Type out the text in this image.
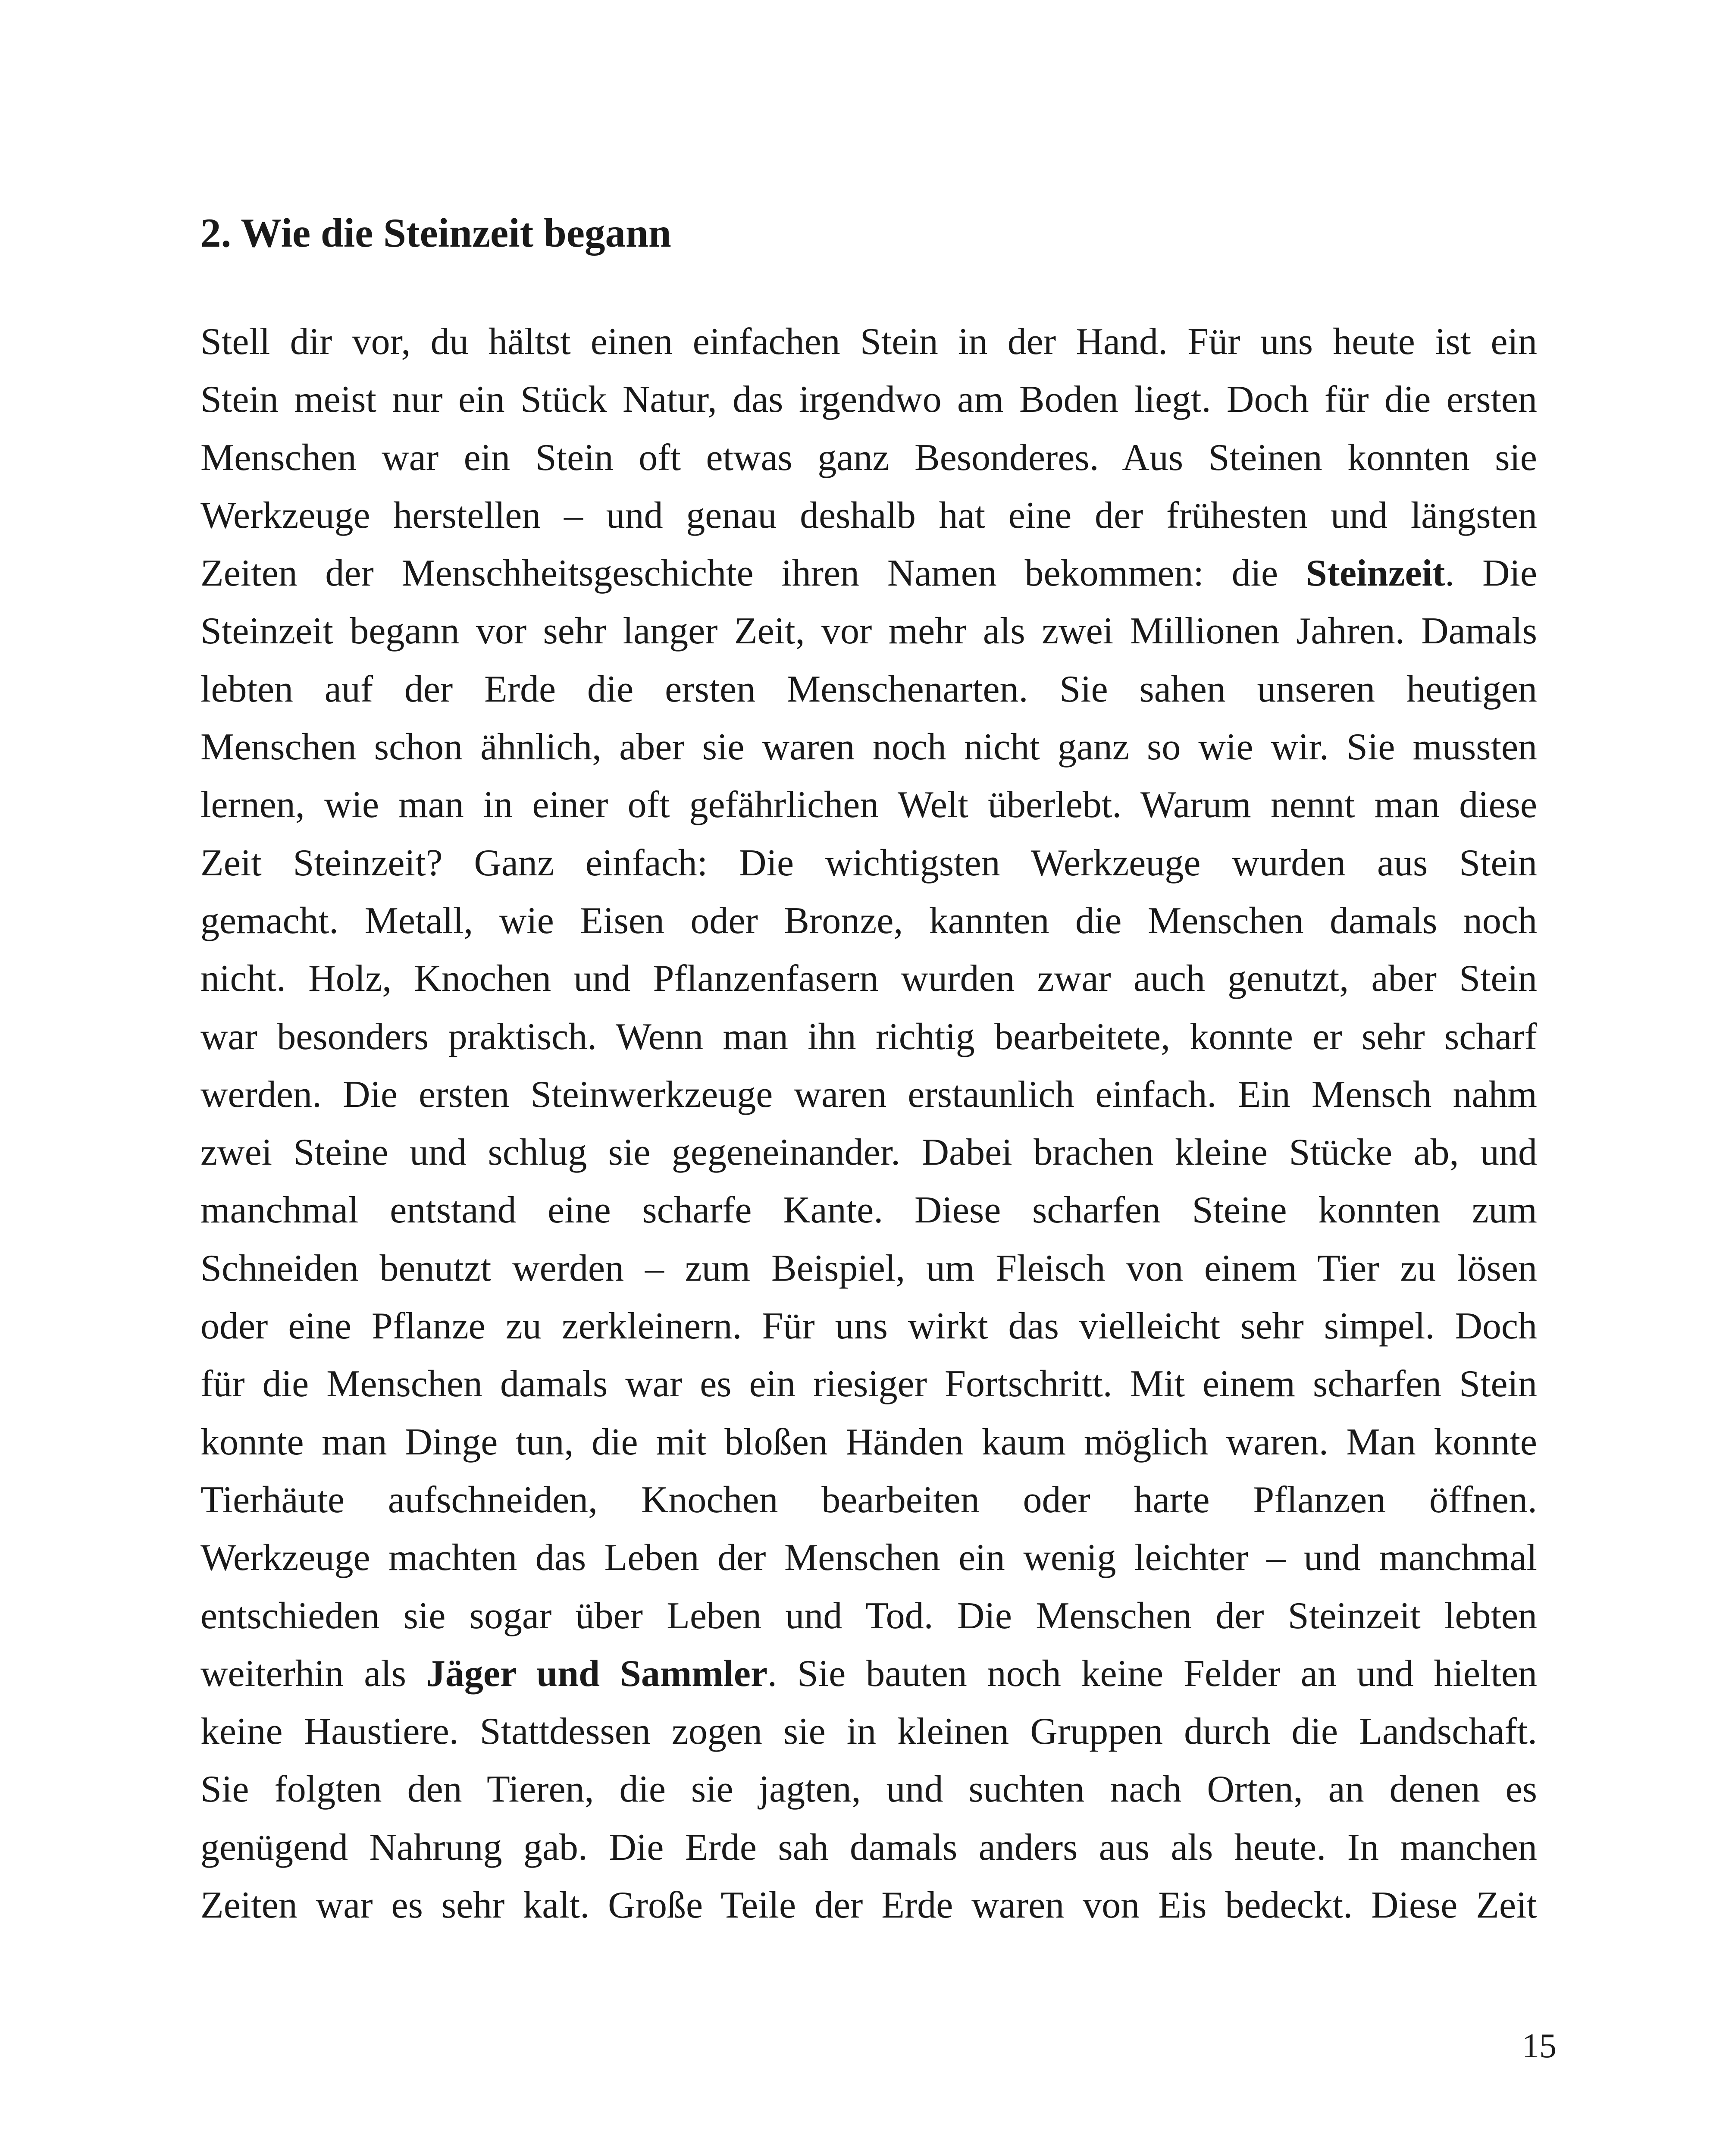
2. Wie die Steinzeit begann
Stell dir vor, du hältst einen einfachen Stein in der Hand. Für uns heute ist ein
Stein meist nur ein Stück Natur, das irgendwo am Boden liegt. Doch für die ersten
Menschen war ein Stein oft etwas ganz Besonderes. Aus Steinen konnten sie
Werkzeuge herstellen – und genau deshalb hat eine der frühesten und längsten
Zeiten der Menschheitsgeschichte ihren Namen bekommen: die Steinzeit. Die
Steinzeit begann vor sehr langer Zeit, vor mehr als zwei Millionen Jahren. Damals
lebten auf der Erde die ersten Menschenarten. Sie sahen unseren heutigen
Menschen schon ähnlich, aber sie waren noch nicht ganz so wie wir. Sie mussten
lernen, wie man in einer oft gefährlichen Welt überlebt. Warum nennt man diese
Zeit Steinzeit? Ganz einfach: Die wichtigsten Werkzeuge wurden aus Stein
gemacht. Metall, wie Eisen oder Bronze, kannten die Menschen damals noch
nicht. Holz, Knochen und Pflanzenfasern wurden zwar auch genutzt, aber Stein
war besonders praktisch. Wenn man ihn richtig bearbeitete, konnte er sehr scharf
werden. Die ersten Steinwerkzeuge waren erstaunlich einfach. Ein Mensch nahm
zwei Steine und schlug sie gegeneinander. Dabei brachen kleine Stücke ab, und
manchmal entstand eine scharfe Kante. Diese scharfen Steine konnten zum
Schneiden benutzt werden – zum Beispiel, um Fleisch von einem Tier zu lösen
oder eine Pflanze zu zerkleinern. Für uns wirkt das vielleicht sehr simpel. Doch
für die Menschen damals war es ein riesiger Fortschritt. Mit einem scharfen Stein
konnte man Dinge tun, die mit bloßen Händen kaum möglich waren. Man konnte
Tierhäute aufschneiden, Knochen bearbeiten oder harte Pflanzen öffnen.
Werkzeuge machten das Leben der Menschen ein wenig leichter – und manchmal
entschieden sie sogar über Leben und Tod. Die Menschen der Steinzeit lebten
weiterhin als Jäger und Sammler. Sie bauten noch keine Felder an und hielten
keine Haustiere. Stattdessen zogen sie in kleinen Gruppen durch die Landschaft.
Sie folgten den Tieren, die sie jagten, und suchten nach Orten, an denen es
genügend Nahrung gab. Die Erde sah damals anders aus als heute. In manchen
Zeiten war es sehr kalt. Große Teile der Erde waren von Eis bedeckt. Diese Zeit
15
